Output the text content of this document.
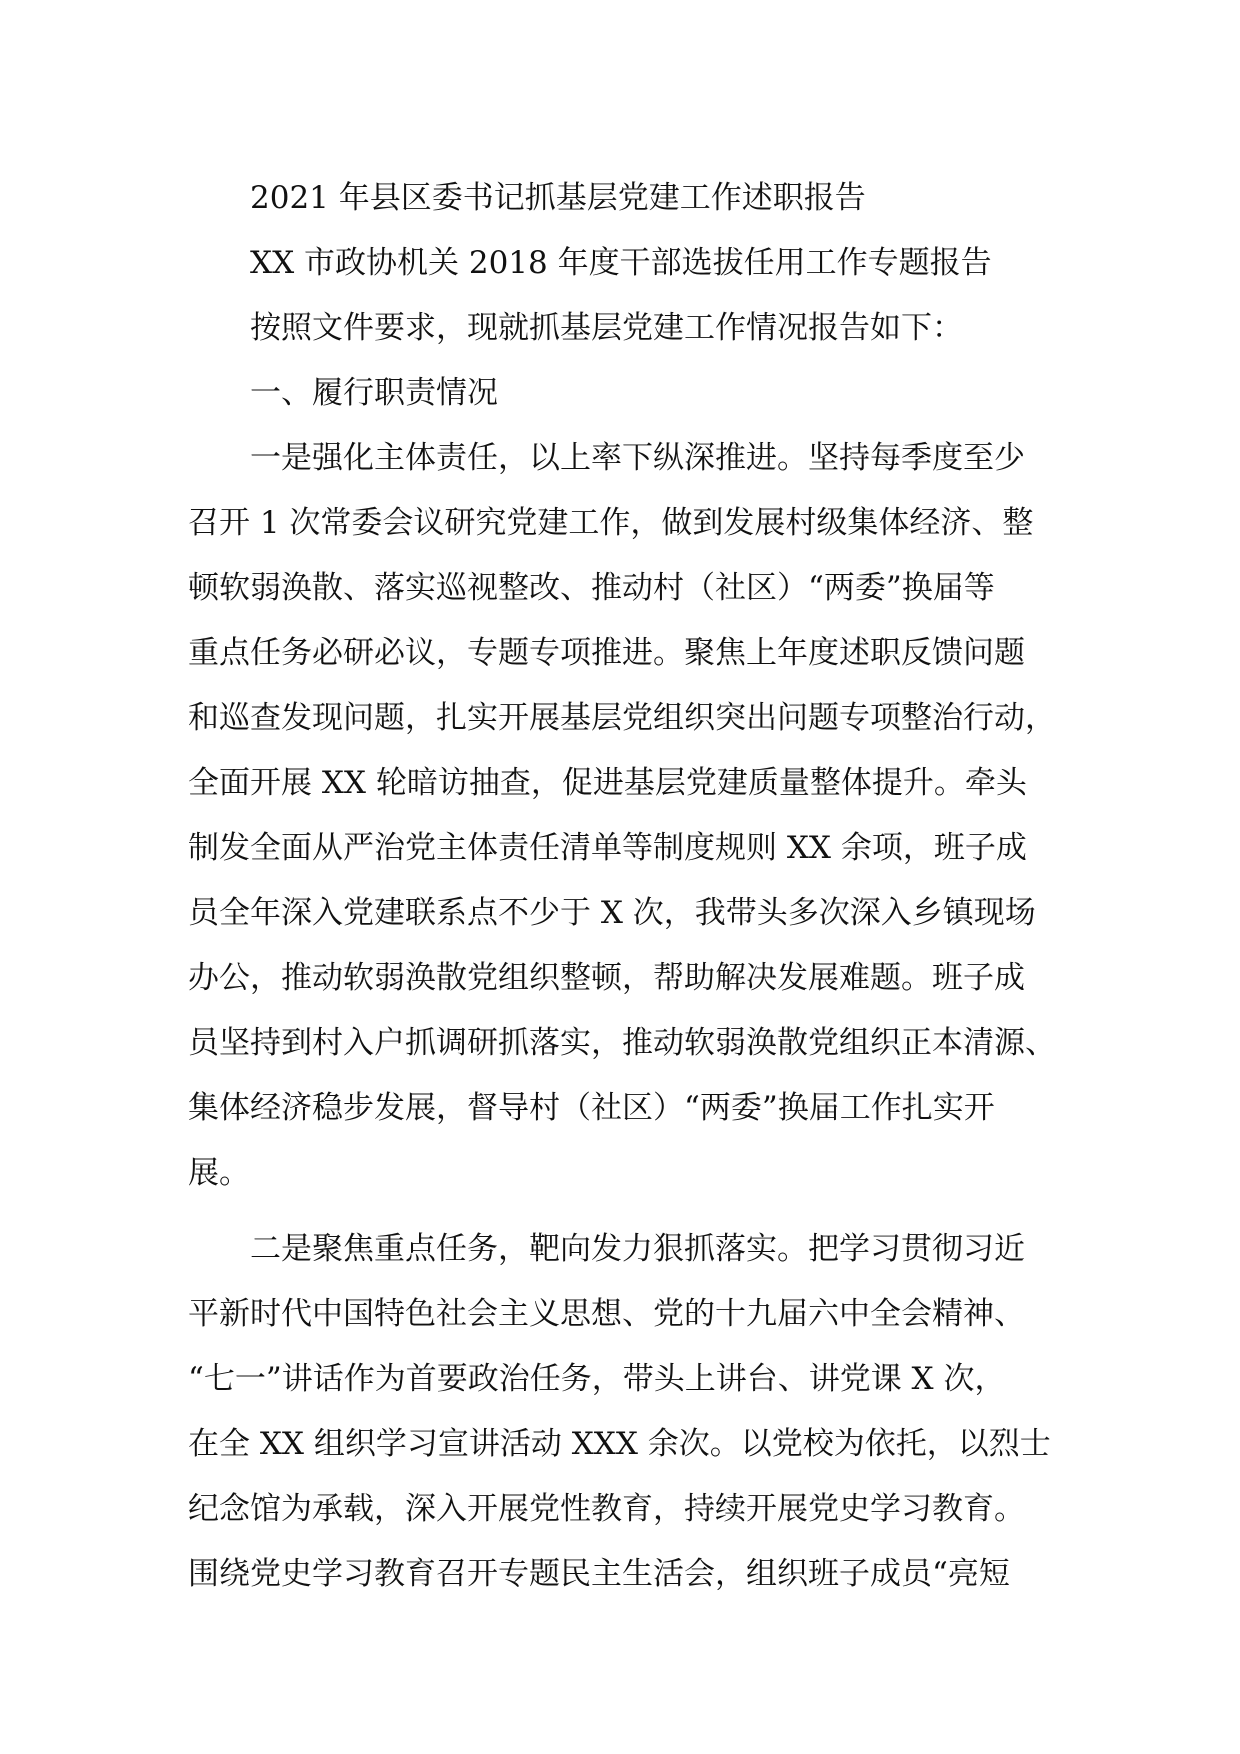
2021 年县区委书记抓基层党建工作述职报告

XX 市政协机关 2018 年度干部选拔任用工作专题报告

按照文件要求，现就抓基层党建工作情况报告如下：

一、履行职责情况

一是强化主体责任，以上率下纵深推进。坚持每季度至少

召开 1 次常委会议研究党建工作，做到发展村级集体经济、整

顿软弱涣散、落实巡视整改、推动村（社区）“两委”换届等

重点任务必研必议，专题专项推进。聚焦上年度述职反馈问题

和巡查发现问题，扎实开展基层党组织突出问题专项整治行动，

全面开展 XX 轮暗访抽查，促进基层党建质量整体提升。牵头

制发全面从严治党主体责任清单等制度规则 XX 余项，班子成

员全年深入党建联系点不少于 X 次，我带头多次深入乡镇现场

办公，推动软弱涣散党组织整顿，帮助解决发展难题。班子成

员坚持到村入户抓调研抓落实，推动软弱涣散党组织正本清源、

集体经济稳步发展，督导村（社区）“两委”换届工作扎实开

展。

二是聚焦重点任务，靶向发力狠抓落实。把学习贯彻习近

平新时代中国特色社会主义思想、党的十九届六中全会精神、

“七一”讲话作为首要政治任务，带头上讲台、讲党课 X 次，

在全 XX 组织学习宣讲活动 XXX 余次。以党校为依托，以烈士

纪念馆为承载，深入开展党性教育，持续开展党史学习教育。

围绕党史学习教育召开专题民主生活会，组织班子成员“亮短
